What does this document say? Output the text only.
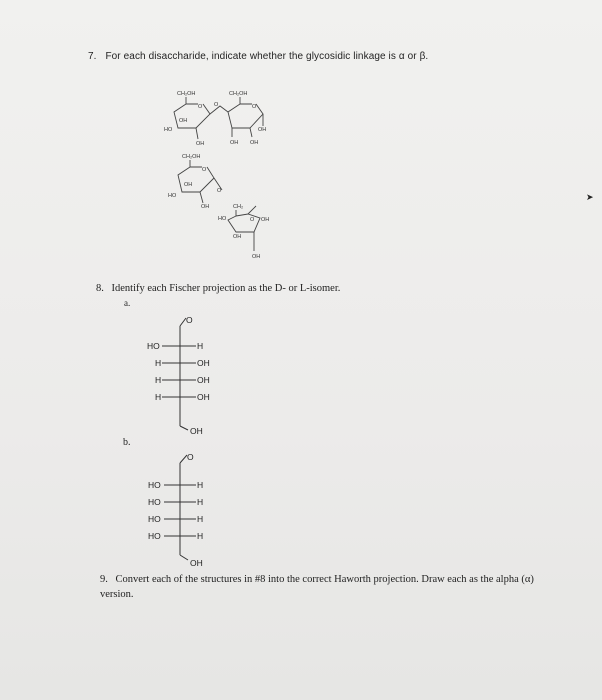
7. For each disaccharide, indicate whether the glycosidic linkage is α or β.
CH₂OH	CH₂OH
O
OH
HO
OH
O	O
OH
OH OH
CH₂OH
O
OH
HO
OH
O
CH₂
O
HO	OH
OH
OH
O
HO	H
H	OH
H	OH
H	OH
OH
O
HO	H
HO	H
HO	H
HO	H
OH
8. Identify each Fischer projection as the D- or L-isomer.
a.
b.
9. Convert each of the structures in #8 into the correct Haworth projection. Draw each as the alpha (α) version.
➤
